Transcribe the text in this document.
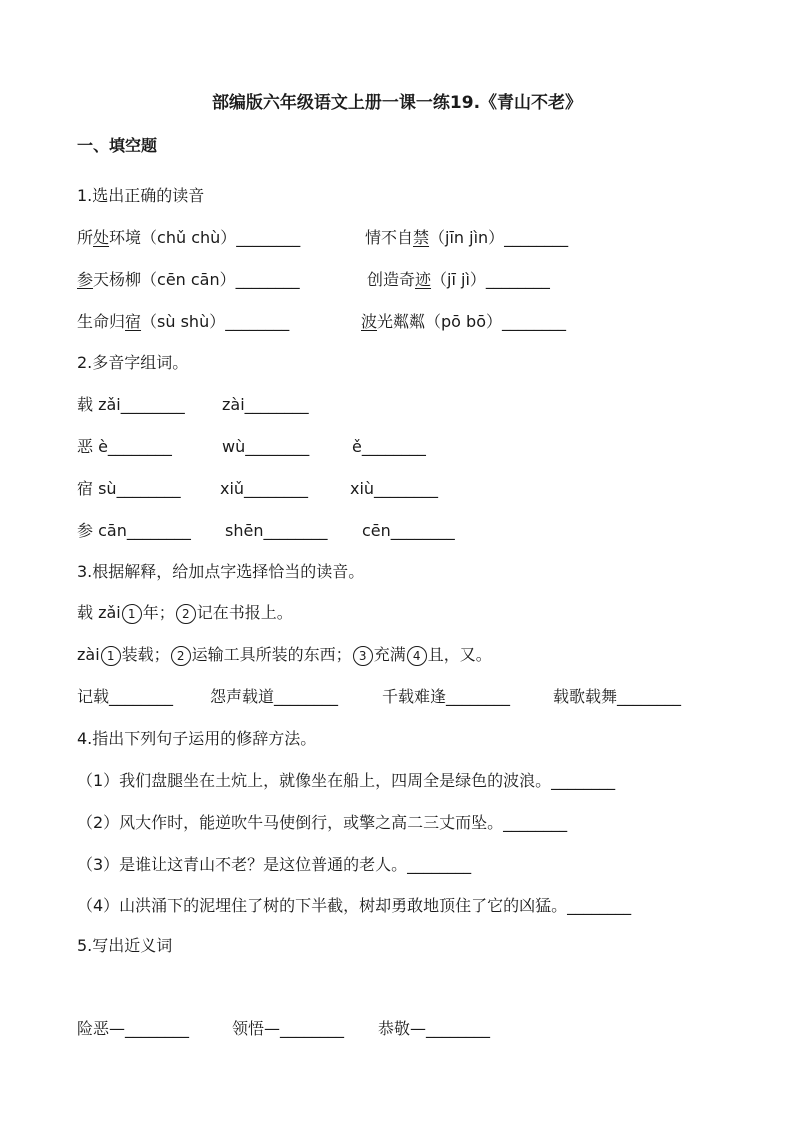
部编版六年级语文上册一课一练19.《青山不老》
一、填空题
1.选出正确的读音
所处环境（chǔ chù）________	情不自禁（jīn jìn）________
参天杨柳（cēn cān）________	创造奇迹（jī jì）________
生命归宿（sù shù）________	波光粼粼（pō bō）________
2.多音字组词。
载 zǎi________ zài________
恶 è________	wù________	ě________
宿 sù________ xiǔ________	xiù________
参 cān________ shēn________ cēn________
3.根据解释，给加点字选择恰当的读音。
载 zǎi 1 年； 2 记在书报上。
zài 1 装载； 2 运输工具所装的东西； 3 充满 4 且，又。
记载________ 怨声载道________	千载难逢________	载歌载舞________
4.指出下列句子运用的修辞方法。
（1）我们盘腿坐在土炕上，就像坐在船上，四周全是绿色的波浪。________
（2）风大作时，能逆吹牛马使倒行，或擎之高二三丈而坠。________
（3）是谁让这青山不老？是这位普通的老人。________
（4）山洪涌下的泥埋住了树的下半截，树却勇敢地顶住了它的凶猛。________
5.写出近义词
险恶—________	领悟—________ 恭敬—________
